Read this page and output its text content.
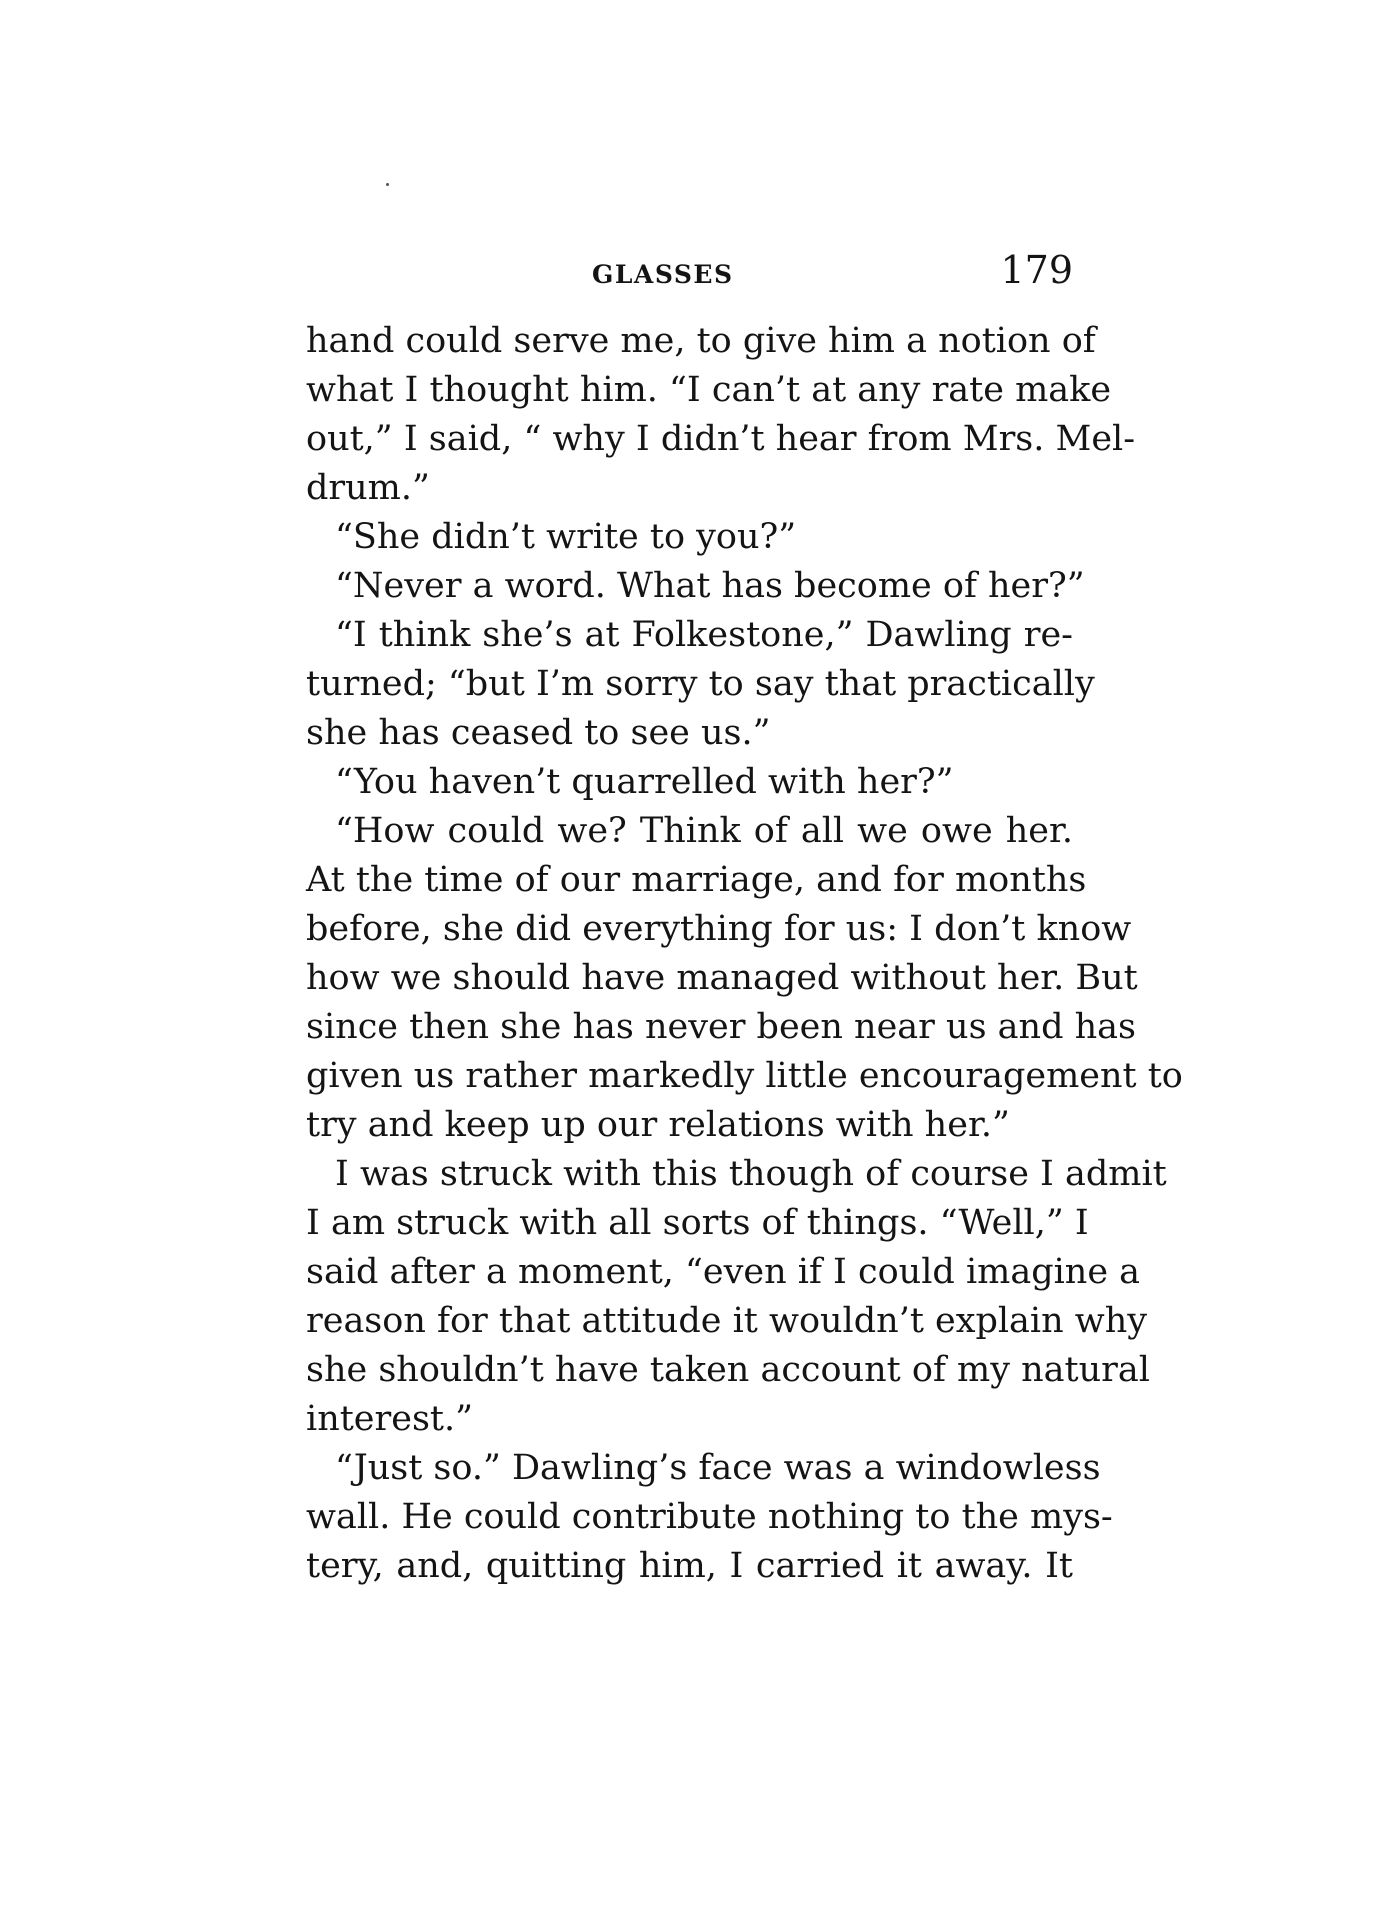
GLASSES	179
hand could serve me, to give him a notion of
what I thought him. “I can’t at any rate make
out,” I said, “ why I didn’t hear from Mrs. Mel-
drum.”
“She didn’t write to you?”
“Never a word. What has become of her?”
“I think she’s at Folkestone,” Dawling re-
turned; “but I’m sorry to say that practically
she has ceased to see us.”
“You haven’t quarrelled with her?”
“How could we? Think of all we owe her.
At the time of our marriage, and for months
before, she did everything for us: I don’t know
how we should have managed without her. But
since then she has never been near us and has
given us rather markedly little encouragement to
try and keep up our relations with her.”
I was struck with this though of course I admit
I am struck with all sorts of things. “Well,” I
said after a moment, “even if I could imagine a
reason for that attitude it wouldn’t explain why
she shouldn’t have taken account of my natural
interest.”
“Just so.” Dawling’s face was a windowless
wall. He could contribute nothing to the mys-
tery, and, quitting him, I carried it away. It
